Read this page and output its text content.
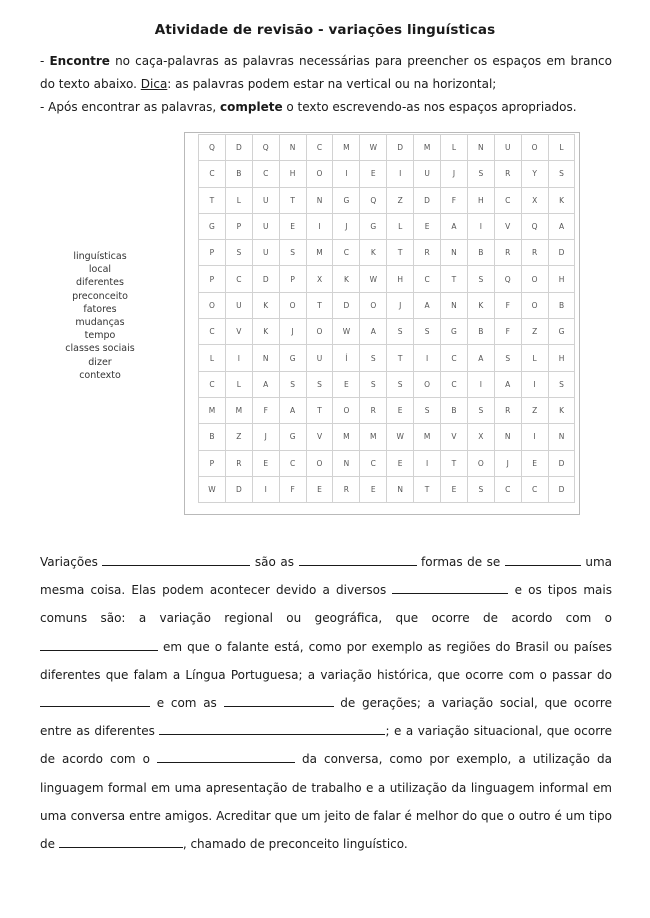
Atividade de revisão - variações linguísticas

- Encontre no caça-palavras as palavras necessárias para preencher os espaços em branco do texto abaixo. Dica: as palavras podem estar na vertical ou na horizontal;

- Após encontrar as palavras, complete o texto escrevendo-as nos espaços apropriados.

linguísticas
local
diferentes
preconceito
fatores
mudanças
tempo
classes sociais
dizer
contexto
Q	D	Q	N	C	M	W	D	M	L	N	U	O	L
C	B	C	H	O	I	E	I	U	J	S	R	Y	S
T	L	U	T	N	G	Q	Z	D	F	H	C	X	K
G	P	U	E	I	J	G	L	E	A	I	V	Q	A
P	S	U	S	M	C	K	T	R	N	B	R	R	D
P	C	D	P	X	K	W	H	C	T	S	Q	O	H
O	U	K	O	T	D	O	J	A	N	K	F	O	B
C	V	K	J	O	W	A	S	S	G	B	F	Z	G
L	I	N	G	U	Í	S	T	I	C	A	S	L	H
C	L	A	S	S	E	S	S	O	C	I	A	I	S
M	M	F	A	T	O	R	E	S	B	S	R	Z	K
B	Z	J	G	V	M	M	W	M	V	X	N	I	N
P	R	E	C	O	N	C	E	I	T	O	J	E	D
W	D	I	F	E	R	E	N	T	E	S	C	C	D
Variações	são as	formas de se	uma mesma coisa. Elas podem acontecer devido a diversos	e os tipos mais comuns são: a variação regional ou geográfica, que ocorre de acordo com o  em que o falante está, como por exemplo as regiões do Brasil ou países diferentes que falam a Língua Portuguesa; a variação histórica, que ocorre com o passar do  e com as	de gerações; a variação social, que ocorre entre as diferentes	; e a variação situacional, que ocorre de acordo com o	da conversa, como por exemplo, a utilização da linguagem formal em uma apresentação de trabalho e a utilização da linguagem informal em uma conversa entre amigos. Acreditar que um jeito de falar é melhor do que o outro é um tipo de	, chamado de preconceito linguístico.
